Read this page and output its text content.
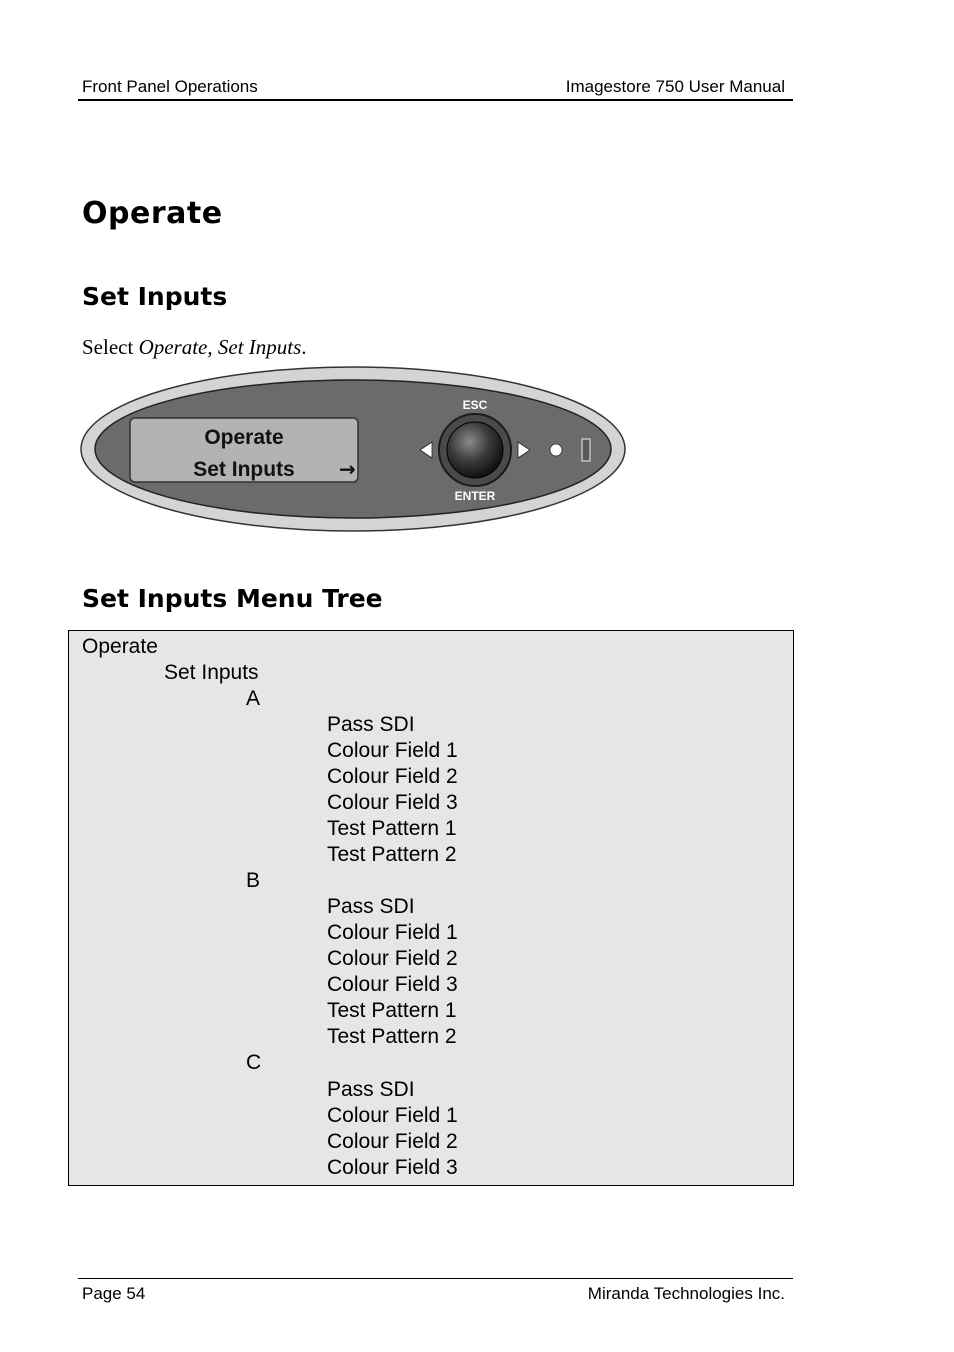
Front Panel Operations	Imagestore 750 User Manual
Operate
Set Inputs
Select Operate, Set Inputs.
Operate
Set Inputs →
ESC
ENTER
Set Inputs Menu Tree
Operate
Set Inputs
A
Pass SDI
Colour Field 1
Colour Field 2
Colour Field 3
Test Pattern 1
Test Pattern 2
B
Pass SDI
Colour Field 1
Colour Field 2
Colour Field 3
Test Pattern 1
Test Pattern 2
C
Pass SDI
Colour Field 1
Colour Field 2
Colour Field 3
Page 54	Miranda Technologies Inc.
